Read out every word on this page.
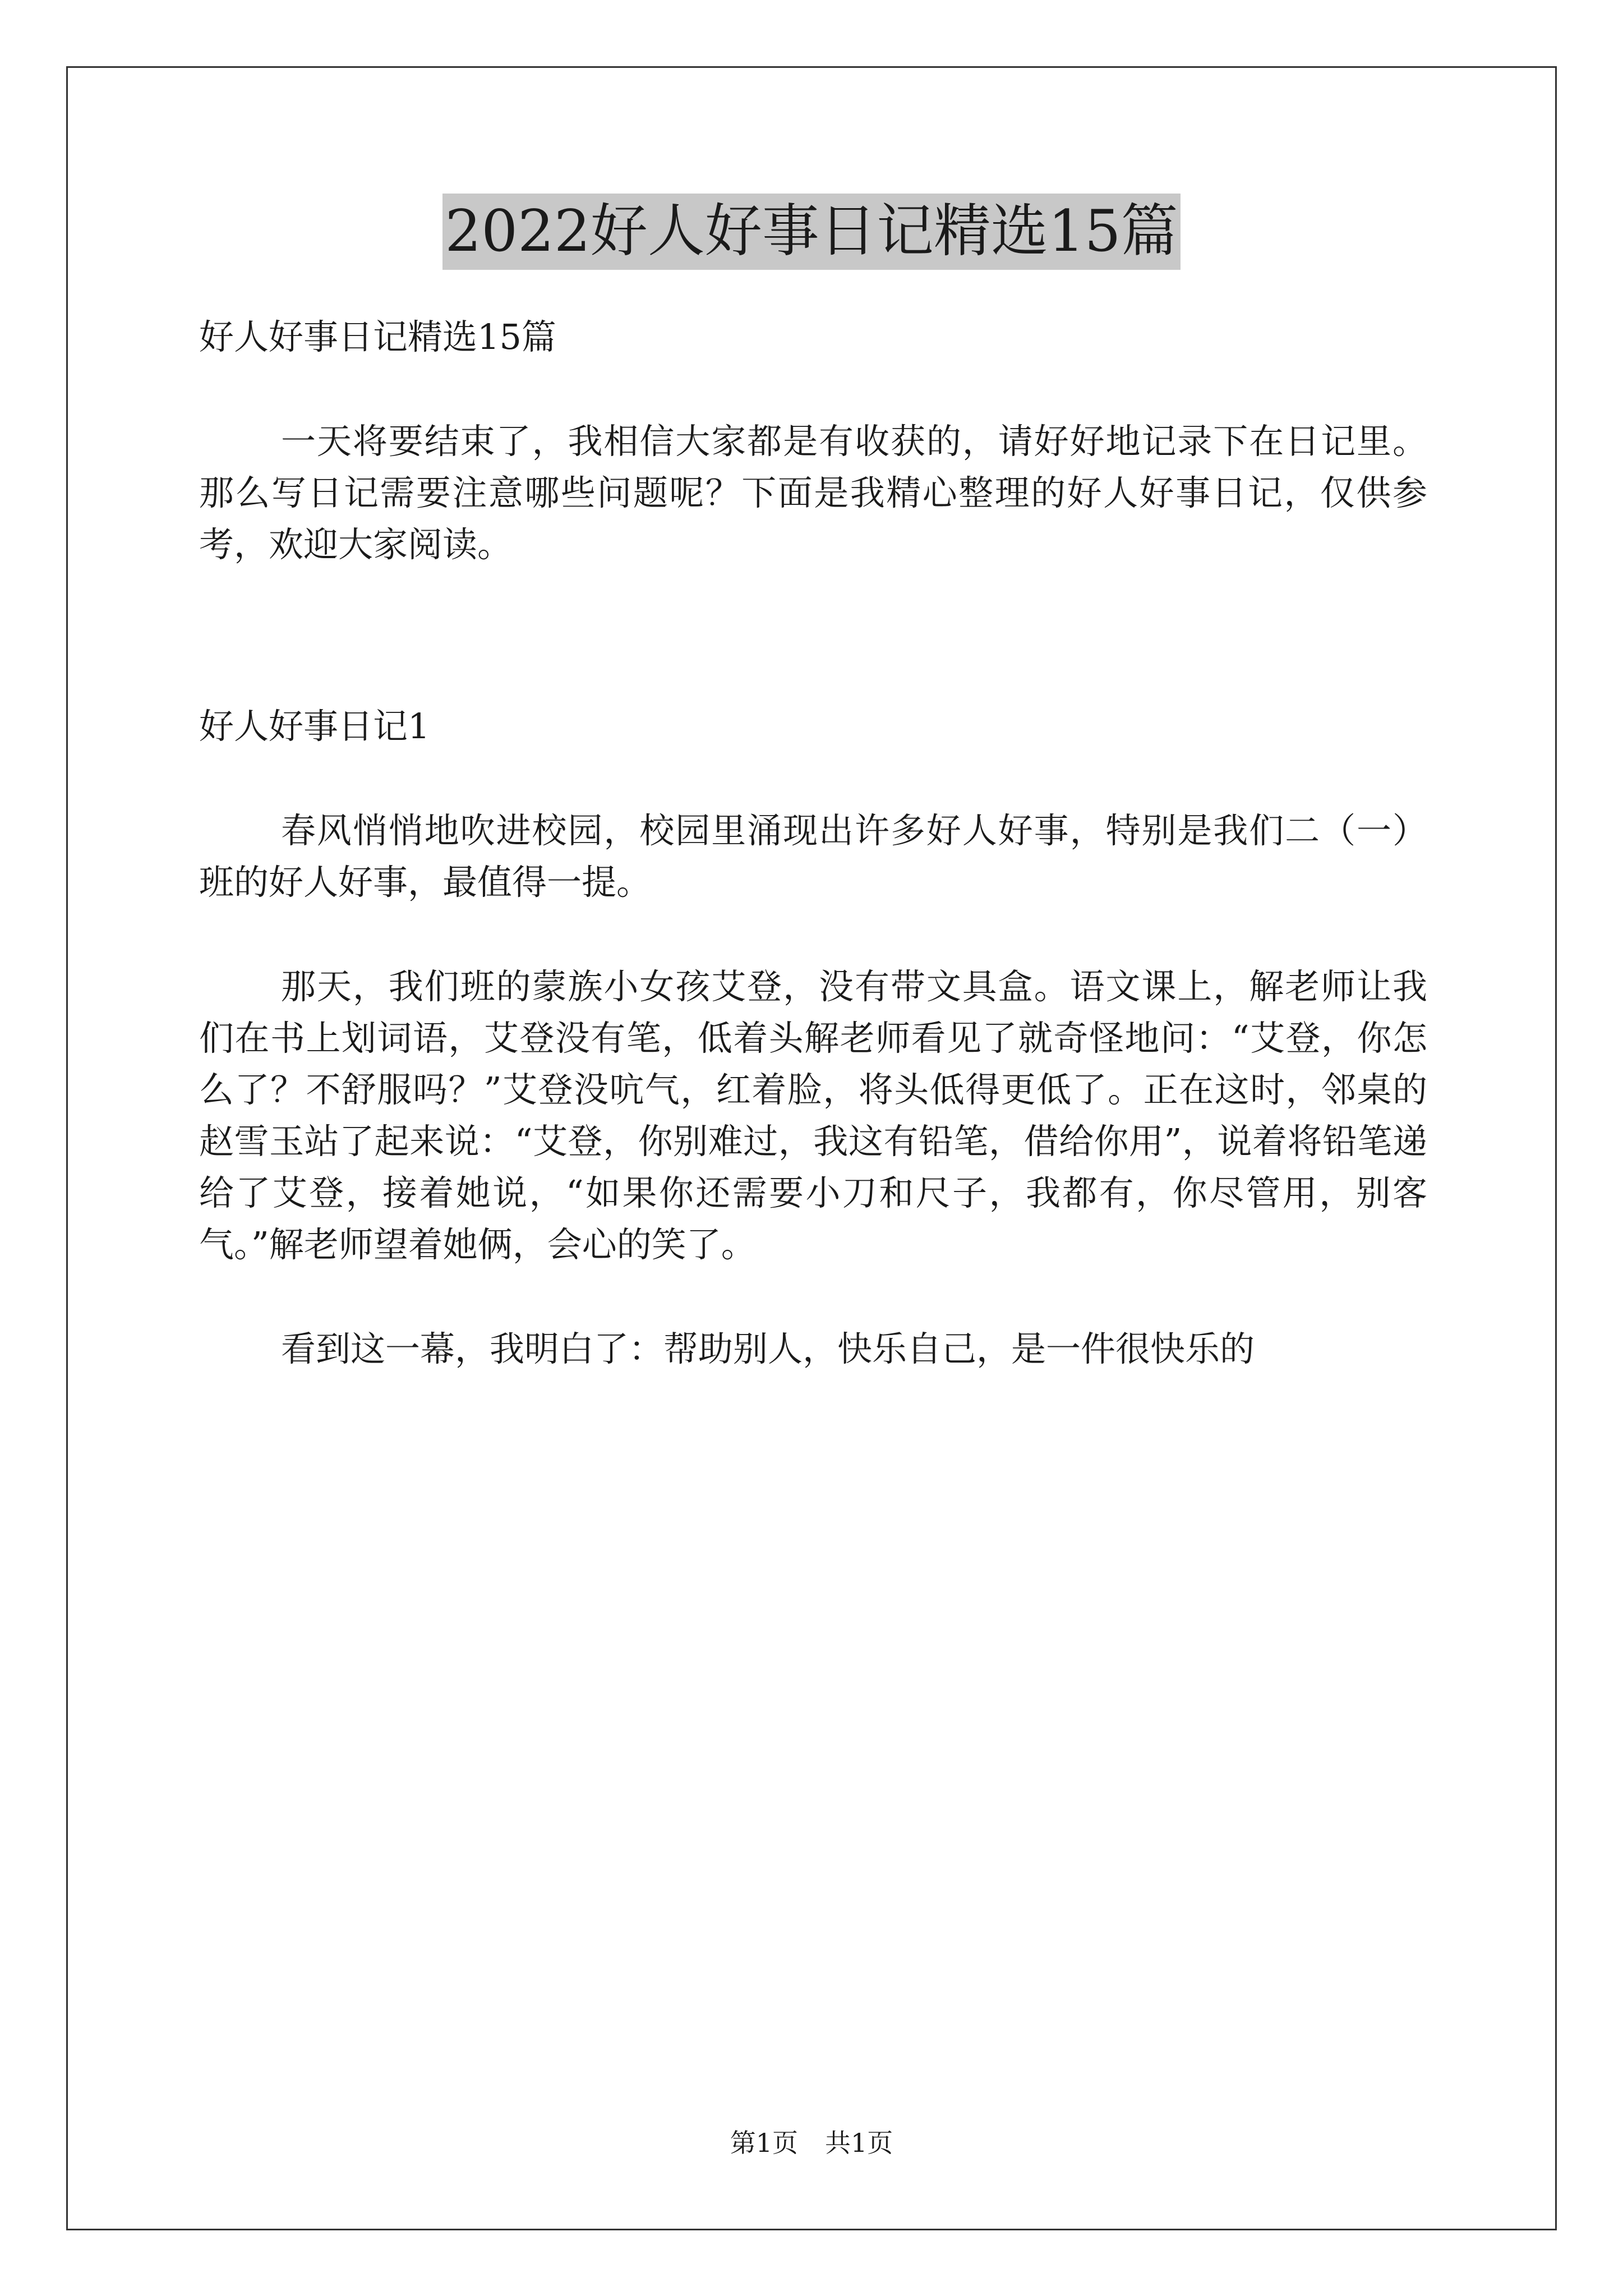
2022好人好事日记精选15篇

好人好事日记精选15篇

一天将要结束了，我相信大家都是有收获的，请好好地记录下在日记里。那么写日记需要注意哪些问题呢？下面是我精心整理的好人好事日记，仅供参考，欢迎大家阅读。

好人好事日记1

春风悄悄地吹进校园，校园里涌现出许多好人好事，特别是我们二（一）班的好人好事，最值得一提。

那天，我们班的蒙族小女孩艾登，没有带文具盒。语文课上，解老师让我们在书上划词语，艾登没有笔，低着头解老师看见了就奇怪地问：“艾登，你怎么了？不舒服吗？”艾登没吭气，红着脸，将头低得更低了。正在这时，邻桌的赵雪玉站了起来说：“艾登，你别难过，我这有铅笔，借给你用”，说着将铅笔递给了艾登，接着她说，“如果你还需要小刀和尺子，我都有，你尽管用，别客气。”解老师望着她俩，会心的笑了。

看到这一幕，我明白了：帮助别人，快乐自己，是一件很快乐的

第1页 共1页
